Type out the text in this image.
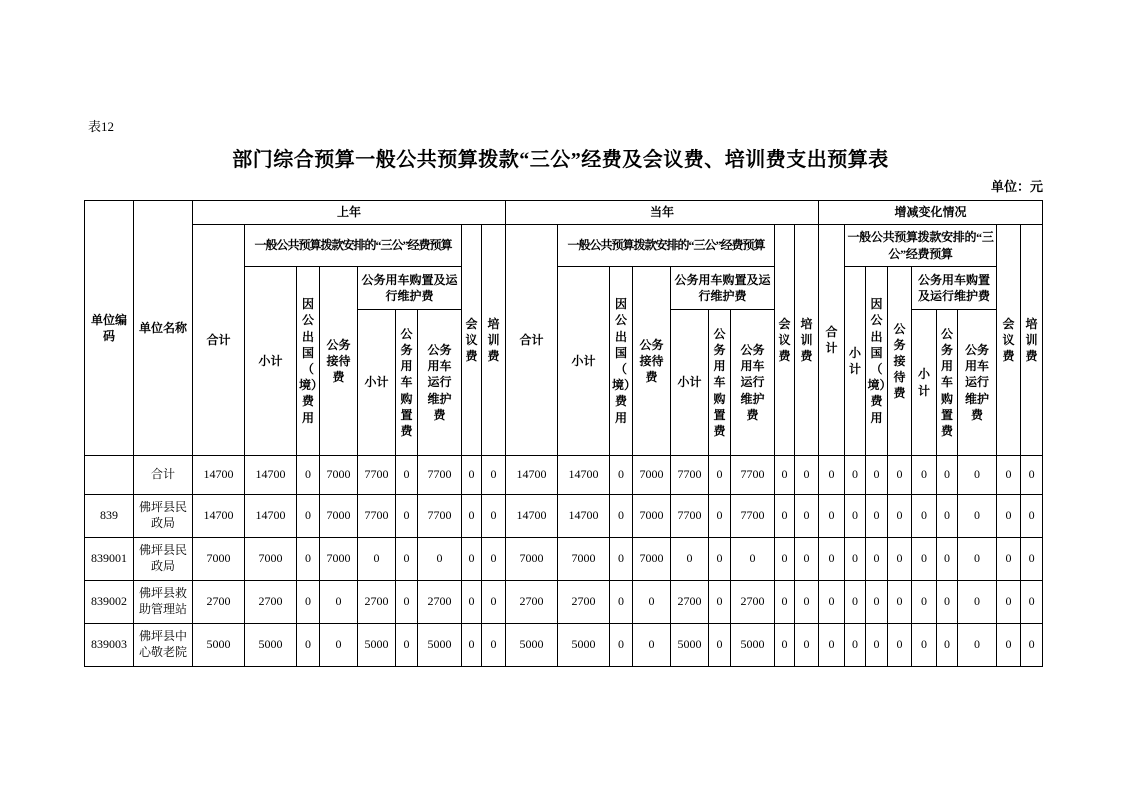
表12
部门综合预算一般公共预算拨款“三公”经费及会议费、培训费支出预算表
单位：元
单位编码	单位名称	上年									当年									增减变化情况								
		合计	一般公共预算拨款安排的“三公”经费预算						会议费	培训费	合计	一般公共预算拨款安排的“三公”经费预算						会议费	培训费	合计	一般公共预算拨款安排的“三公”经费预算						会议费	培训费
			小计	因公出国（境）费用	公务接待费	公务用车购置及运行维护费						小计	因公出国（境）费用	公务接待费	公务用车购置及运行维护费						小计	因公出国（境）费用	公务接待费	公务用车购置及运行维护费				
						小计	公务用车购置费	公务用车运行维护费							小计	公务用车购置费	公务用车运行维护费							小计	公务用车购置费	公务用车运行维护费		
	合计	14700	14700	0	7000	7700	0	7700	0	0	14700	14700	0	7000	7700	0	7700	0	0	0	0	0	0	0	0	0	0	0
839	佛坪县民政局	14700	14700	0	7000	7700	0	7700	0	0	14700	14700	0	7000	7700	0	7700	0	0	0	0	0	0	0	0	0	0	0
839001	佛坪县民政局	7000	7000	0	7000	0	0	0	0	0	7000	7000	0	7000	0	0	0	0	0	0	0	0	0	0	0	0	0	0
839002	佛坪县救助管理站	2700	2700	0	0	2700	0	2700	0	0	2700	2700	0	0	2700	0	2700	0	0	0	0	0	0	0	0	0	0	0
839003	佛坪县中心敬老院	5000	5000	0	0	5000	0	5000	0	0	5000	5000	0	0	5000	0	5000	0	0	0	0	0	0	0	0	0	0	0
